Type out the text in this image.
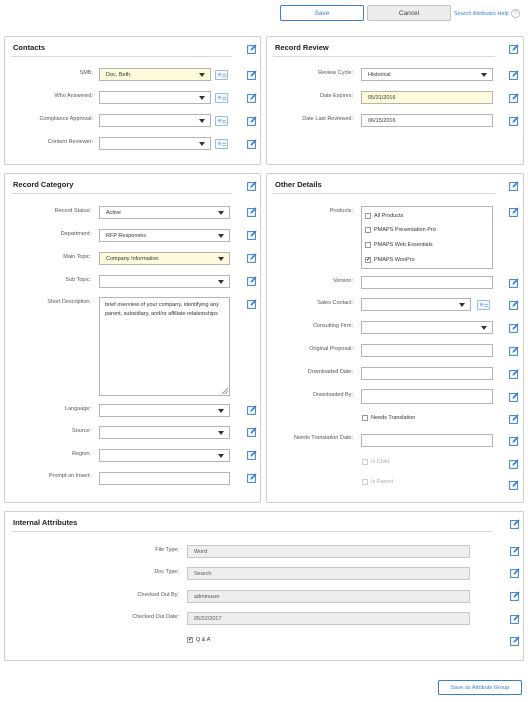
Save	Cancel	Search Attributes Help ?
Contacts
SMB: Doc, Beth
Who Answered:
Compliance Approval:
Content Reviewer:
Record Review
Review Cycle:	Historical
Date Expires:	05/31/2016
Date Last Reviewed:	06/15/2016
Record Category
Record Status:	Active
Department:	RFP Responses
Main Topic:	Company Information
Sub Topic:
Short Description:	brief overview of your company, identifying any parent, subsidiary, and/or affiliate relationships
Language:
Source:
Region:
Prompt on Insert:
Other Details
Products:
All Products
PMAPS Presentation Pro
PMAPS Web Essentials
✔ PMAPS WooPro
Version:
Sales Contact:
Consulting Firm:
Original Proposal:
Downloaded Date:
Downloaded By:
Needs Translation
Needs Translation Date:
Is Child
Is Parent
Internal Attributes
File Type:	Word
Doc Type:	Search
Checked Out By:	adminuser
Checked Out Date:	05/22/2017
✔ Q & A
Save as Attribute Group
